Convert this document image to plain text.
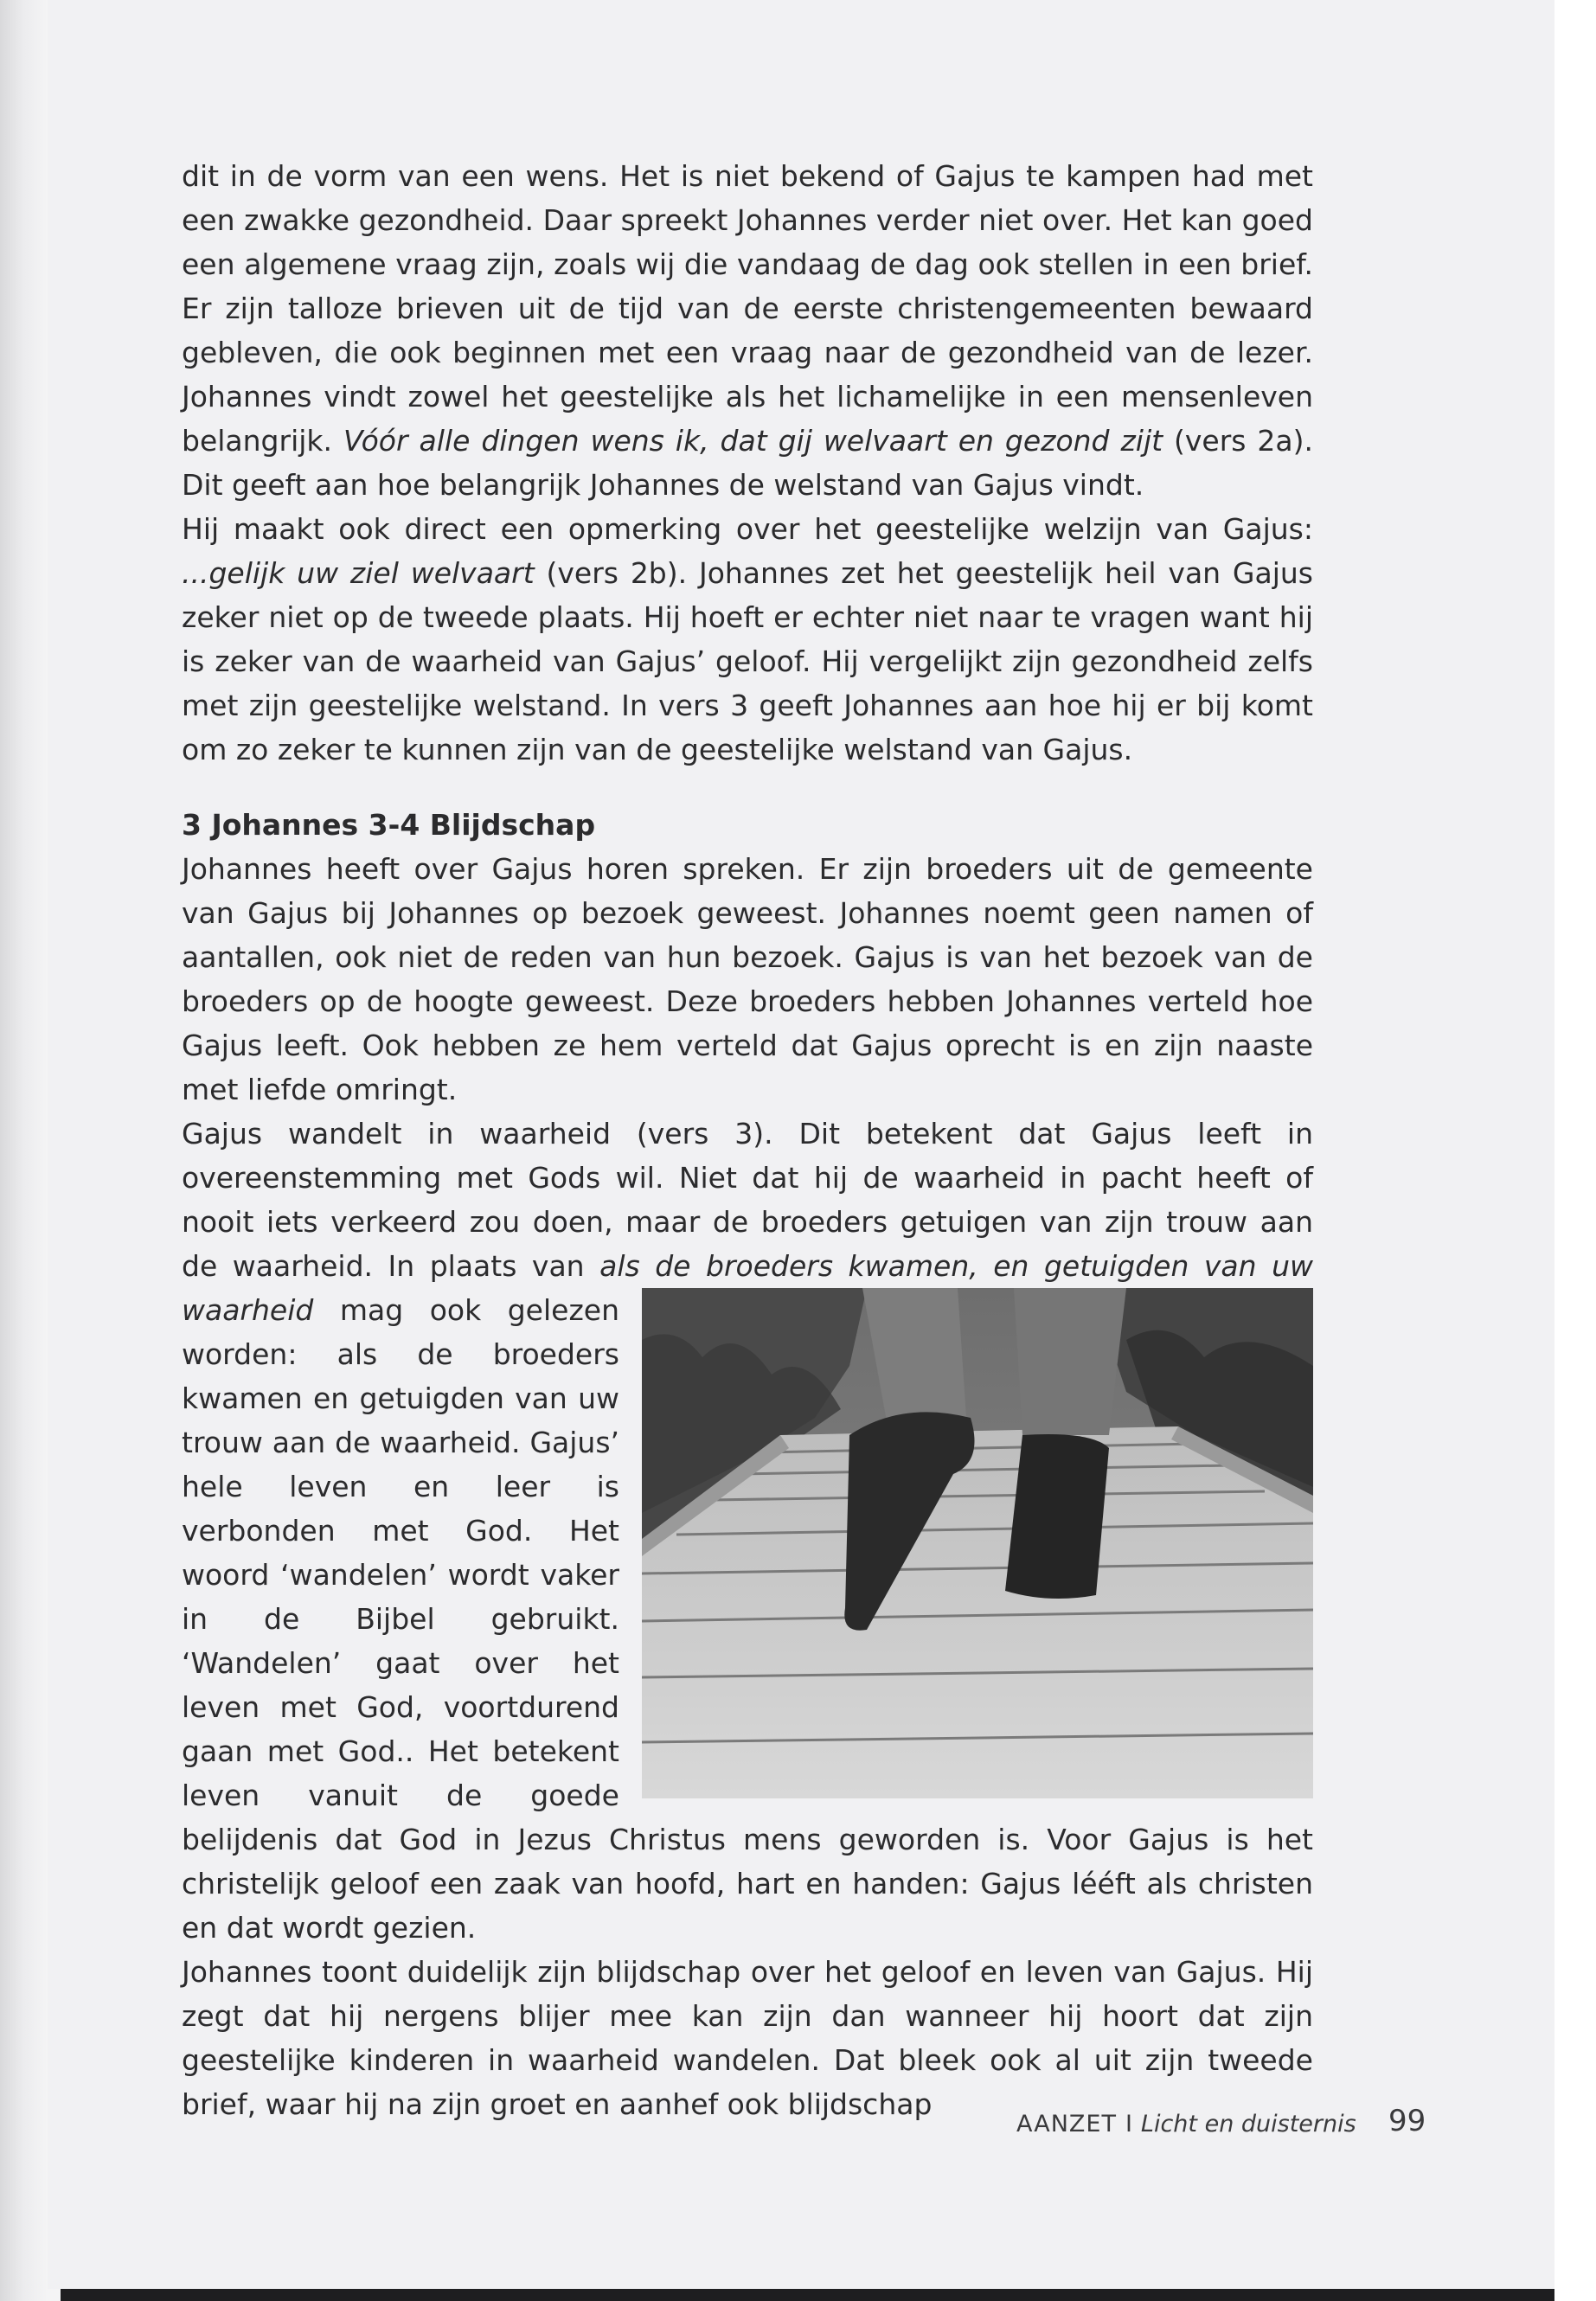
dit in de vorm van een wens. Het is niet bekend of Gajus te kampen had met een zwakke gezondheid. Daar spreekt Johannes verder niet over. Het kan goed een algemene vraag zijn, zoals wij die vandaag de dag ook stellen in een brief. Er zijn talloze brieven uit de tijd van de eerste christengemeenten bewaard gebleven, die ook beginnen met een vraag naar de gezondheid van de lezer. Johannes vindt zowel het geestelijke als het lichamelijke in een mensenleven belangrijk. Vóór alle dingen wens ik, dat gij welvaart en gezond zijt (vers 2a). Dit geeft aan hoe belangrijk Johannes de welstand van Gajus vindt.

Hij maakt ook direct een opmerking over het geestelijke welzijn van Gajus: ...gelijk uw ziel welvaart (vers 2b). Johannes zet het geestelijk heil van Gajus zeker niet op de tweede plaats. Hij hoeft er echter niet naar te vragen want hij is zeker van de waarheid van Gajus’ geloof. Hij vergelijkt zijn gezondheid zelfs met zijn geestelijke welstand. In vers 3 geeft Johannes aan hoe hij er bij komt om zo zeker te kunnen zijn van de geestelijke welstand van Gajus.

3 Johannes 3-4 Blijdschap

Johannes heeft over Gajus horen spreken. Er zijn broeders uit de gemeente van Gajus bij Johannes op bezoek geweest. Johannes noemt geen namen of aantallen, ook niet de reden van hun bezoek. Gajus is van het bezoek van de broeders op de hoogte geweest. Deze broeders hebben Johannes verteld hoe Gajus leeft. Ook hebben ze hem verteld dat Gajus oprecht is en zijn naaste met liefde omringt.

Gajus wandelt in waarheid (vers 3). Dit betekent dat Gajus leeft in overeenstemming met Gods wil. Niet dat hij de waarheid in pacht heeft of nooit iets verkeerd zou doen, maar de broeders getuigen van zijn trouw aan de waarheid. In plaats van als de broeders kwamen, en getuigden van uw waarheid
mag ook gelezen worden: als de broeders kwamen en getuigden van uw trouw aan de waarheid. Gajus’ hele leven en leer is verbonden met God. Het woord ‘wandelen’ wordt vaker in de Bijbel gebruikt. ‘Wandelen’ gaat over het leven met God, voortdurend gaan met God.. Het betekent leven vanuit de goede belijdenis dat God in Jezus Christus mens geworden is. Voor Gajus is het christelijk geloof een zaak van hoofd, hart en handen: Gajus lééft als christen en dat wordt gezien.

Johannes toont duidelijk zijn blijdschap over het geloof en leven van Gajus. Hij zegt dat hij nergens blijer mee kan zijn dan wanneer hij hoort dat zijn geestelijke kinderen in waarheid wandelen. Dat bleek ook al uit zijn tweede brief, waar hij na zijn groet en aanhef ook blijdschap

AANZET I Licht en duisternis 99
